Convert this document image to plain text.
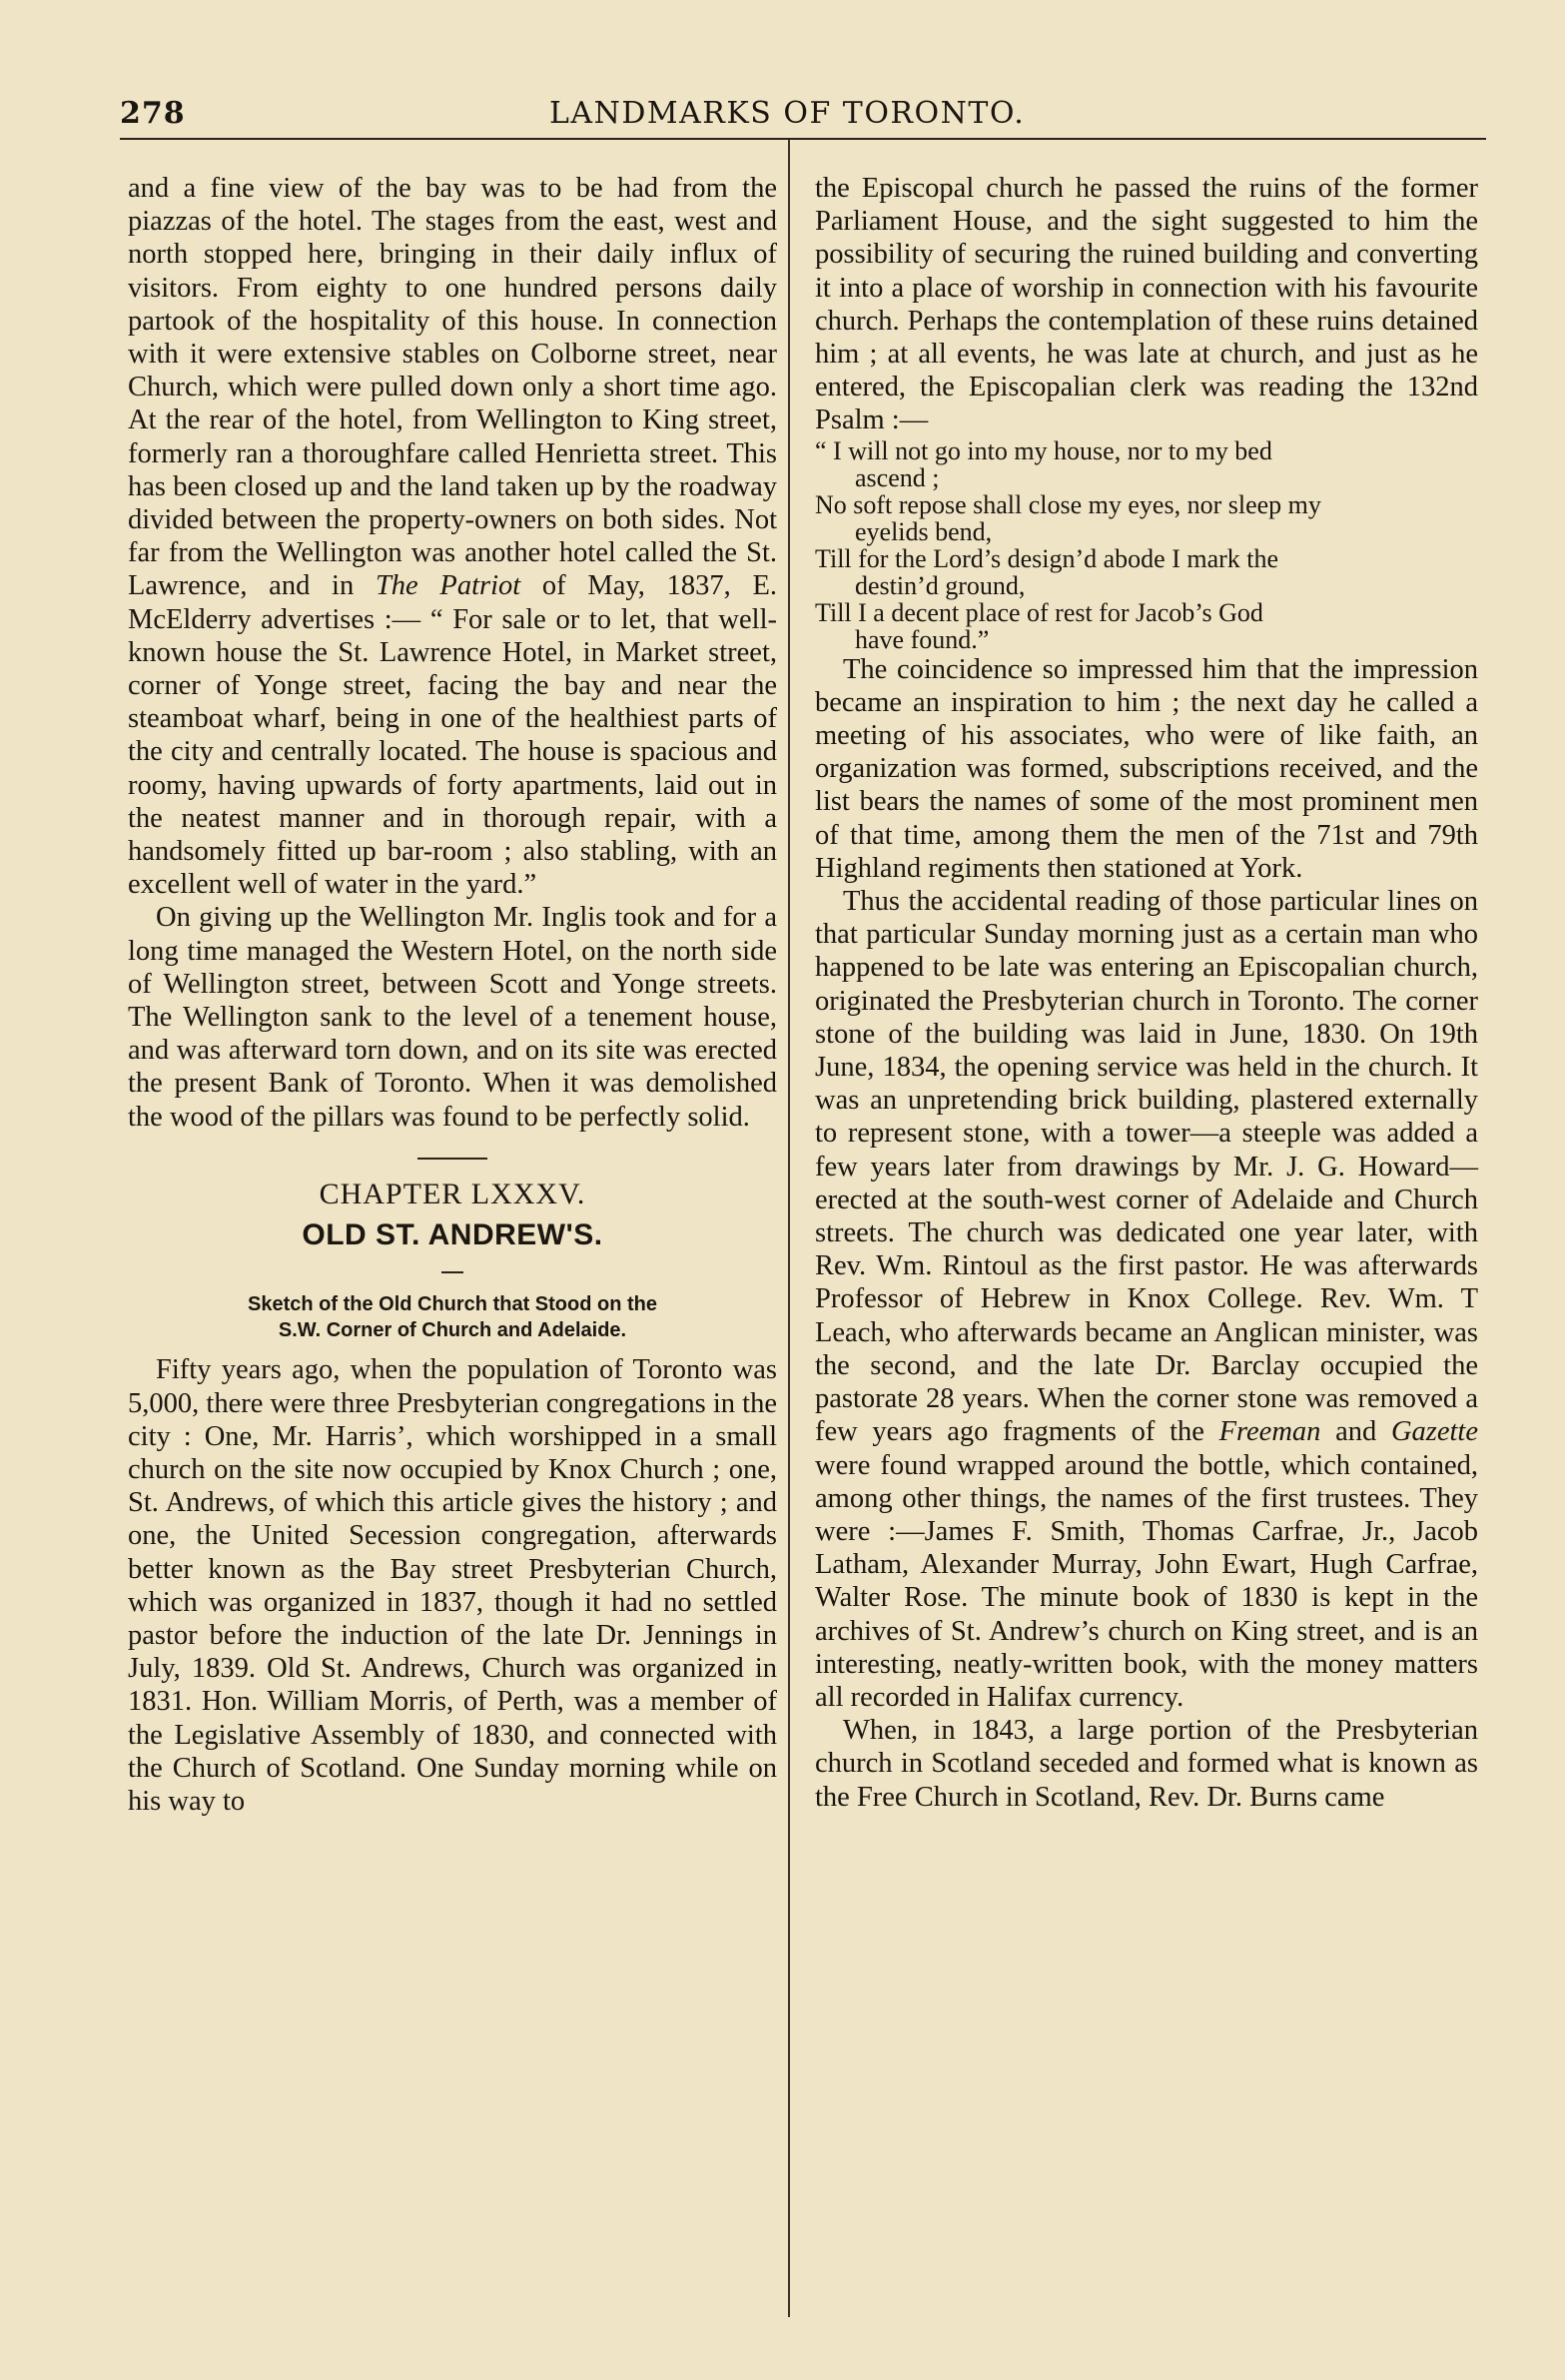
278	LANDMARKS OF TORONTO.

and a fine view of the bay was to be had from the piazzas of the hotel. The stages from the east, west and north stopped here, bringing in their daily influx of visitors. From eighty to one hundred persons daily partook of the hospitality of this house. In connection with it were extensive stables on Colborne street, near Church, which were pulled down only a short time ago. At the rear of the hotel, from Wellington to King street, formerly ran a thoroughfare called Henrietta street. This has been closed up and the land taken up by the roadway divided between the property-owners on both sides. Not far from the Wellington was another hotel called the St. Lawrence, and in The Patriot of May, 1837, E. McElderry advertises :— “ For sale or to let, that well-known house the St. Lawrence Hotel, in Market street, corner of Yonge street, facing the bay and near the steamboat wharf, being in one of the healthiest parts of the city and centrally located. The house is spacious and roomy, having upwards of forty apartments, laid out in the neatest manner and in thorough repair, with a handsomely fitted up bar-room ; also stabling, with an excellent well of water in the yard.”

On giving up the Wellington Mr. Inglis took and for a long time managed the Western Hotel, on the north side of Wellington street, between Scott and Yonge streets. The Wellington sank to the level of a tenement house, and was afterward torn down, and on its site was erected the present Bank of Toronto. When it was demolished the wood of the pillars was found to be perfectly solid.

CHAPTER LXXXV.
OLD ST. ANDREW'S.
Sketch of the Old Church that Stood on the
S.W. Corner of Church and Adelaide.

Fifty years ago, when the population of Toronto was 5,000, there were three Presbyterian congregations in the city : One, Mr. Harris’, which worshipped in a small church on the site now occupied by Knox Church ; one, St. Andrews, of which this article gives the history ; and one, the United Secession congregation, afterwards better known as the Bay street Presbyterian Church, which was organized in 1837, though it had no settled pastor before the induction of the late Dr. Jennings in July, 1839. Old St. Andrews, Church was organized in 1831. Hon. William Morris, of Perth, was a member of the Legislative Assembly of 1830, and connected with the Church of Scotland. One Sunday morning while on his way to

the Episcopal church he passed the ruins of the former Parliament House, and the sight suggested to him the possibility of securing the ruined building and converting it into a place of worship in connection with his favourite church. Perhaps the contemplation of these ruins detained him ; at all events, he was late at church, and just as he entered, the Episcopalian clerk was reading the 132nd Psalm :—

“ I will not go into my house, nor to my bed
ascend ;
No soft repose shall close my eyes, nor sleep my
eyelids bend,
Till for the Lord’s design’d abode I mark the
destin’d ground,
Till I a decent place of rest for Jacob’s God
have found.”

The coincidence so impressed him that the impression became an inspiration to him ; the next day he called a meeting of his associates, who were of like faith, an organization was formed, subscriptions received, and the list bears the names of some of the most prominent men of that time, among them the men of the 71st and 79th Highland regiments then stationed at York.

Thus the accidental reading of those particular lines on that particular Sunday morning just as a certain man who happened to be late was entering an Episcopalian church, originated the Presbyterian church in Toronto. The corner stone of the building was laid in June, 1830. On 19th June, 1834, the opening service was held in the church. It was an unpretending brick building, plastered externally to represent stone, with a tower—a steeple was added a few years later from drawings by Mr. J. G. Howard—erected at the south-west corner of Adelaide and Church streets. The church was dedicated one year later, with Rev. Wm. Rintoul as the first pastor. He was afterwards Professor of Hebrew in Knox College. Rev. Wm. T Leach, who afterwards became an Anglican minister, was the second, and the late Dr. Barclay occupied the pastorate 28 years. When the corner stone was removed a few years ago fragments of the Freeman and Gazette were found wrapped around the bottle, which contained, among other things, the names of the first trustees. They were :—James F. Smith, Thomas Carfrae, Jr., Jacob Latham, Alexander Murray, John Ewart, Hugh Carfrae, Walter Rose. The minute book of 1830 is kept in the archives of St. Andrew’s church on King street, and is an interesting, neatly-written book, with the money matters all recorded in Halifax currency.

When, in 1843, a large portion of the Presbyterian church in Scotland seceded and formed what is known as the Free Church in Scotland, Rev. Dr. Burns came
